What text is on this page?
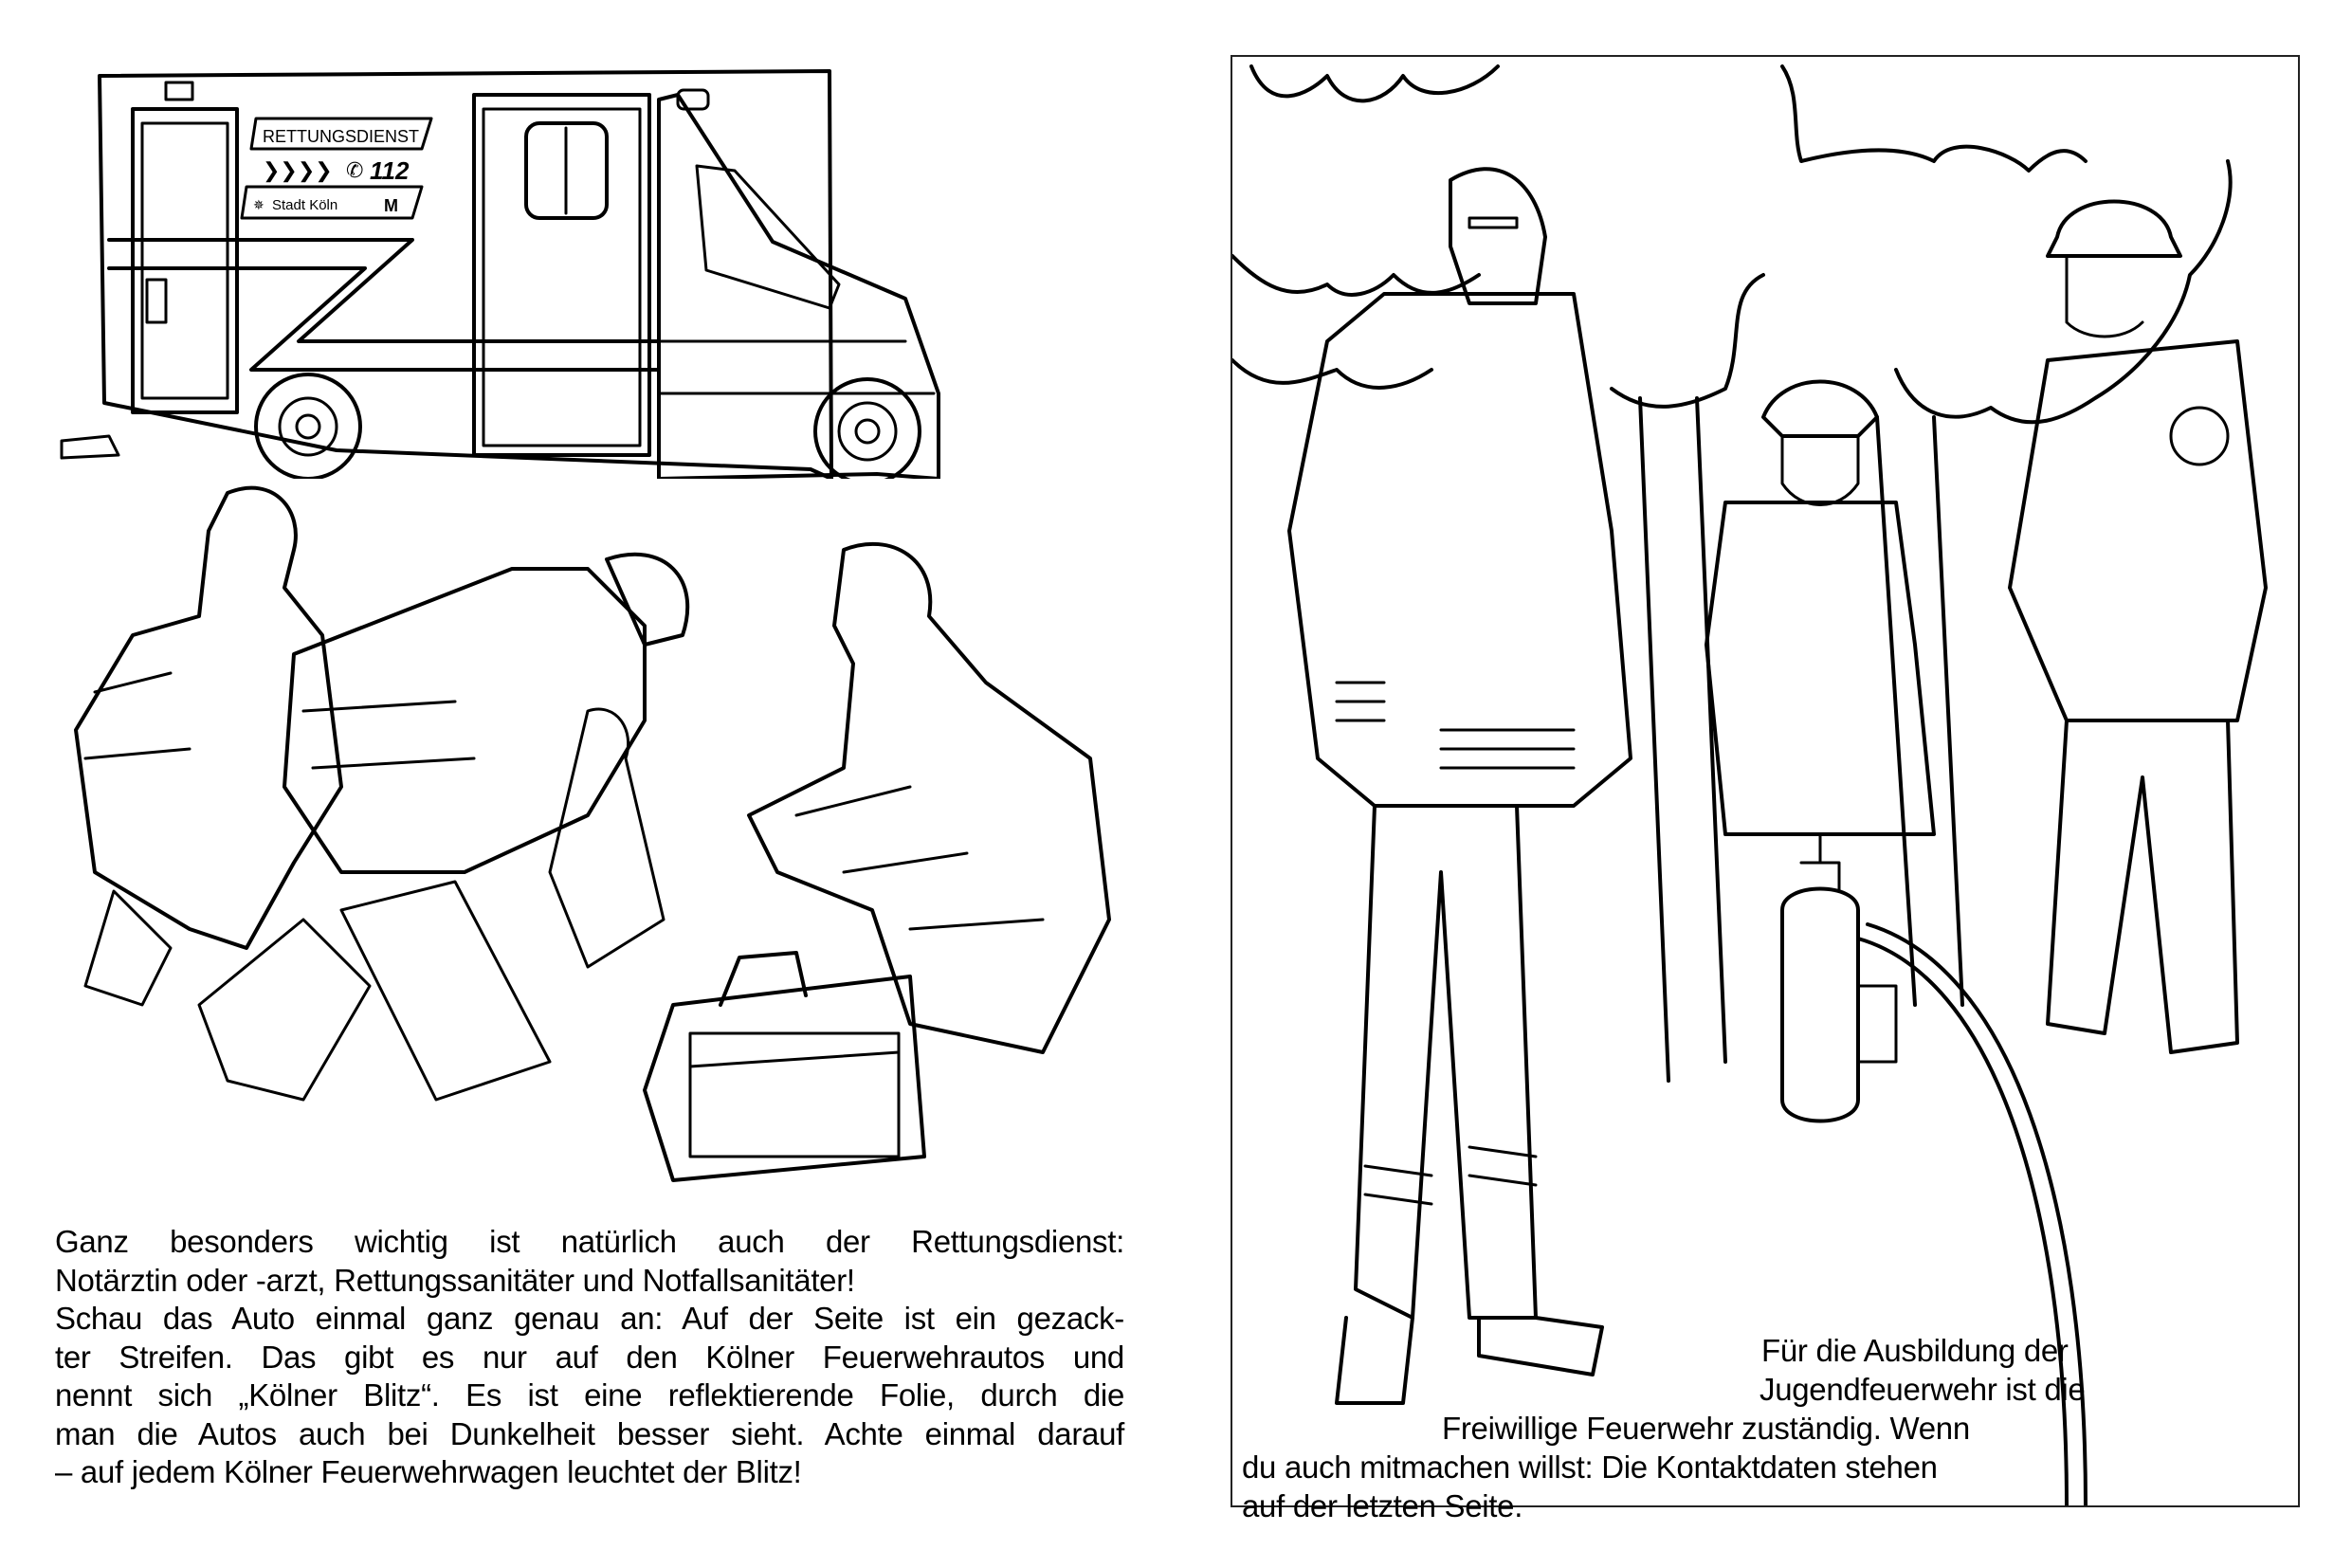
RETTUNGSDIENST
❯❯❯❯ ✆ 112
✵ Stadt Köln	M

Ganz besonders wichtig ist natürlich auch der Rettungsdienst:

Notärztin oder -arzt, Rettungssanitäter und Notfallsanitäter!

Schau das Auto einmal ganz genau an: Auf der Seite ist ein gezack-

ter Streifen. Das gibt es nur auf den Kölner Feuerwehrautos und

nennt sich „Kölner Blitz“. Es ist eine reflektierende Folie, durch die

man die Autos auch bei Dunkelheit besser sieht. Achte einmal darauf

– auf jedem Kölner Feuerwehrwagen leuchtet der Blitz!

Für die Ausbildung der
Jugendfeuerwehr ist die
Freiwillige Feuerwehr zuständig. Wenn
du auch mitmachen willst: Die Kontaktdaten stehen
auf der letzten Seite.
